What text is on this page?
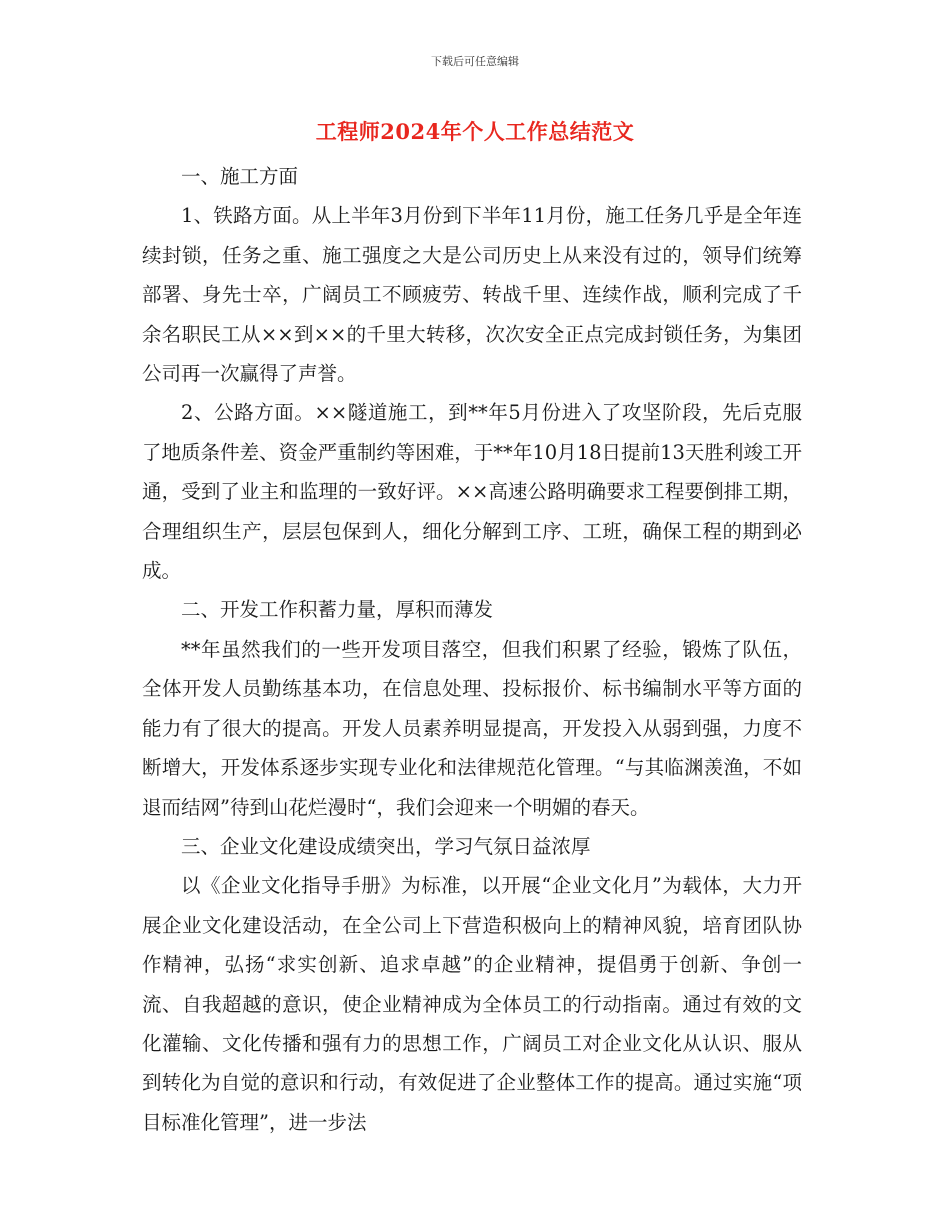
下载后可任意编辑
工程师2024年个人工作总结范文

一、施工方面

1、铁路方面。从上半年3月份到下半年11月份，施工任务几乎是全年连续封锁，任务之重、施工强度之大是公司历史上从来没有过的，领导们统筹部署、身先士卒，广阔员工不顾疲劳、转战千里、连续作战，顺利完成了千余名职民工从××到××的千里大转移，次次安全正点完成封锁任务，为集团公司再一次赢得了声誉。

2、公路方面。××隧道施工，到**年5月份进入了攻坚阶段，先后克服了地质条件差、资金严重制约等困难，于**年10月18日提前13天胜利竣工开通，受到了业主和监理的一致好评。××高速公路明确要求工程要倒排工期，合理组织生产，层层包保到人，细化分解到工序、工班，确保工程的期到必成。

二、开发工作积蓄力量，厚积而薄发

**年虽然我们的一些开发项目落空，但我们积累了经验，锻炼了队伍，全体开发人员勤练基本功，在信息处理、投标报价、标书编制水平等方面的能力有了很大的提高。开发人员素养明显提高，开发投入从弱到强，力度不断增大，开发体系逐步实现专业化和法律规范化管理。“与其临渊羡渔，不如退而结网”待到山花烂漫时“，我们会迎来一个明媚的春天。

三、企业文化建设成绩突出，学习气氛日益浓厚

以《企业文化指导手册》为标准，以开展“企业文化月”为载体，大力开展企业文化建设活动，在全公司上下营造积极向上的精神风貌，培育团队协作精神，弘扬“求实创新、追求卓越”的企业精神，提倡勇于创新、争创一流、自我超越的意识，使企业精神成为全体员工的行动指南。通过有效的文化灌输、文化传播和强有力的思想工作，广阔员工对企业文化从认识、服从到转化为自觉的意识和行动，有效促进了企业整体工作的提高。通过实施“项目标准化管理”，进一步法
